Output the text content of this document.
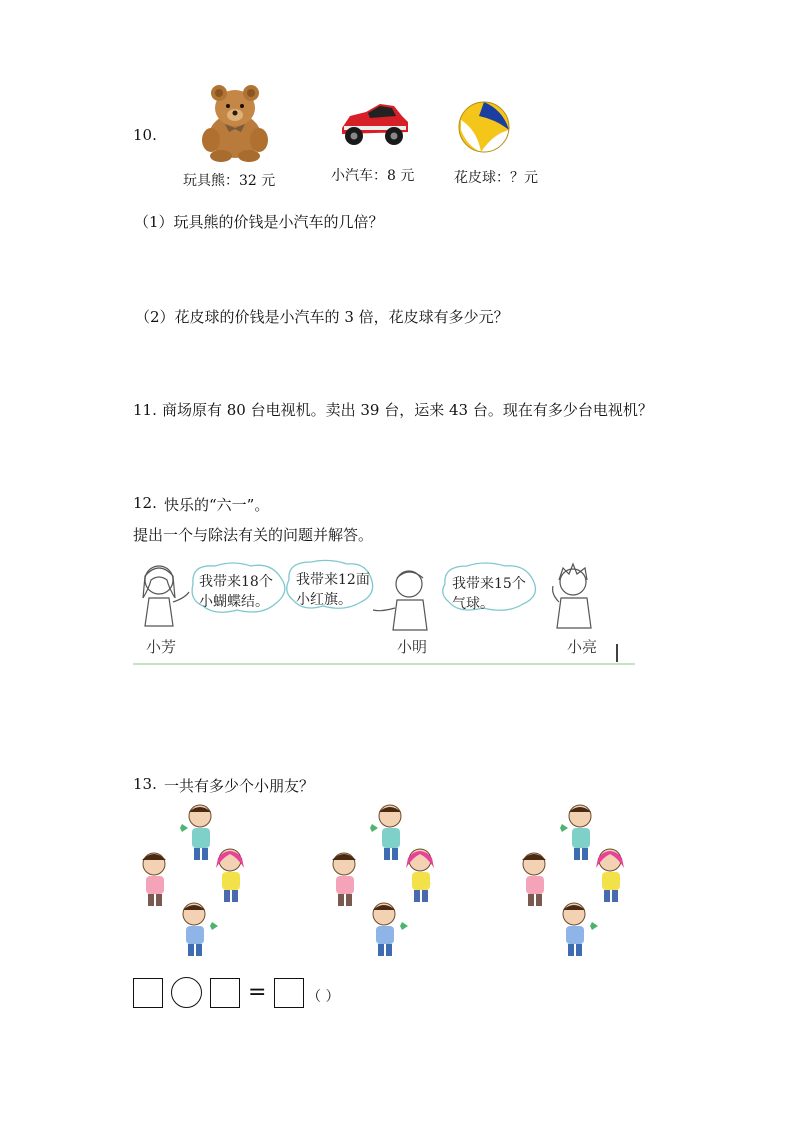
10.
玩具熊：32 元	小汽车：8 元	花皮球：？元
（1）玩具熊的价钱是小汽车的几倍？
（2）花皮球的价钱是小汽车的 3 倍，花皮球有多少元？
11. 商场原有 80 台电视机。卖出 39 台，运来 43 台。现在有多少台电视机？
12. 快乐的“六一”。
提出一个与除法有关的问题并解答。
我带来18个
小蝴蝶结。
我带来12面
小红旗。
我带来15个
气球。
小芳	小明	小亮
13. 一共有多少个小朋友？
=	（ ）
